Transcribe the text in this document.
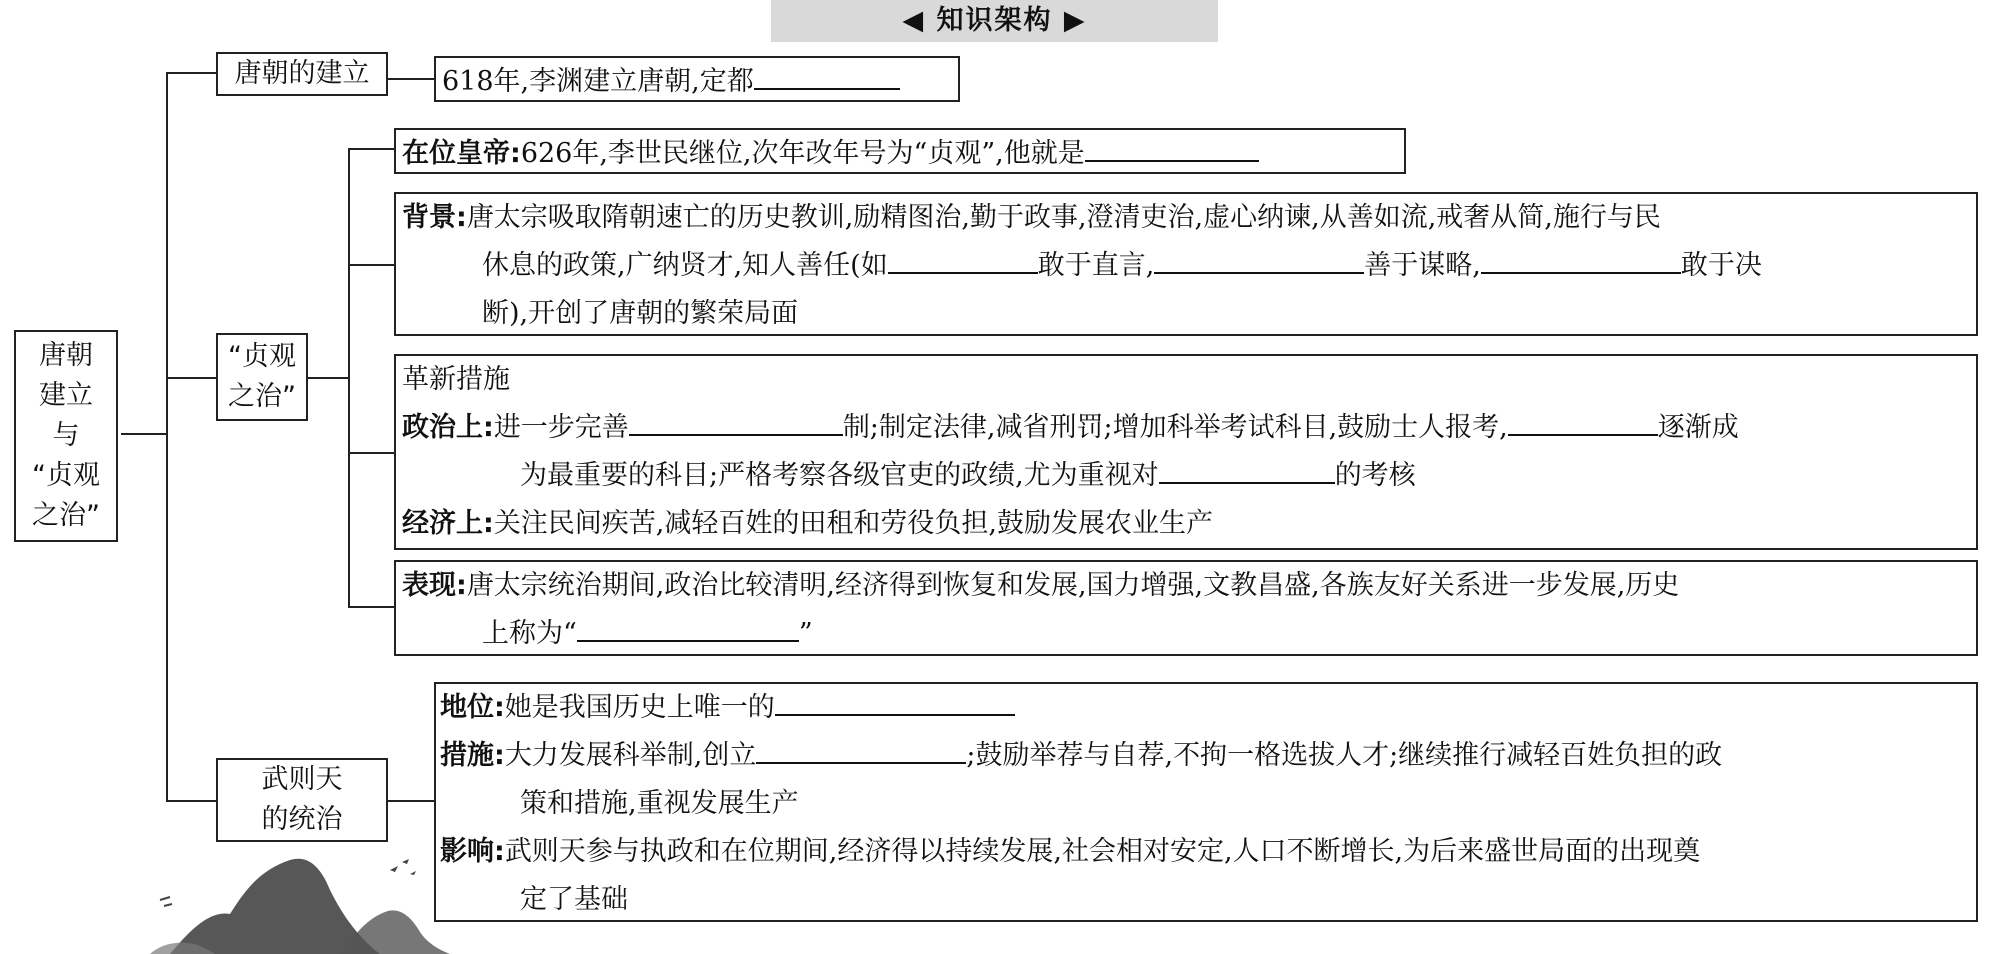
◀ 知识架构 ▶
唐朝
建立
与
“贞观
之治”
唐朝的建立	618年,李渊建立唐朝,定都
“贞观
之治”
在位皇帝:626年,李世民继位,次年改年号为“贞观”,他就是
背景:唐太宗吸取隋朝速亡的历史教训,励精图治,勤于政事,澄清吏治,虚心纳谏,从善如流,戒奢从简,施行与民
休息的政策,广纳贤才,知人善任(如	敢于直言,	善于谋略,	敢于决
断),开创了唐朝的繁荣局面
革新措施
政治上:进一步完善	制;制定法律,减省刑罚;增加科举考试科目,鼓励士人报考,	逐渐成
为最重要的科目;严格考察各级官吏的政绩,尤为重视对	的考核
经济上:关注民间疾苦,减轻百姓的田租和劳役负担,鼓励发展农业生产
表现:唐太宗统治期间,政治比较清明,经济得到恢复和发展,国力增强,文教昌盛,各族友好关系进一步发展,历史
上称为“	”
武则天
的统治
地位:她是我国历史上唯一的
措施:大力发展科举制,创立	;鼓励举荐与自荐,不拘一格选拔人才;继续推行减轻百姓负担的政
策和措施,重视发展生产
影响:武则天参与执政和在位期间,经济得以持续发展,社会相对安定,人口不断增长,为后来盛世局面的出现奠
定了基础
